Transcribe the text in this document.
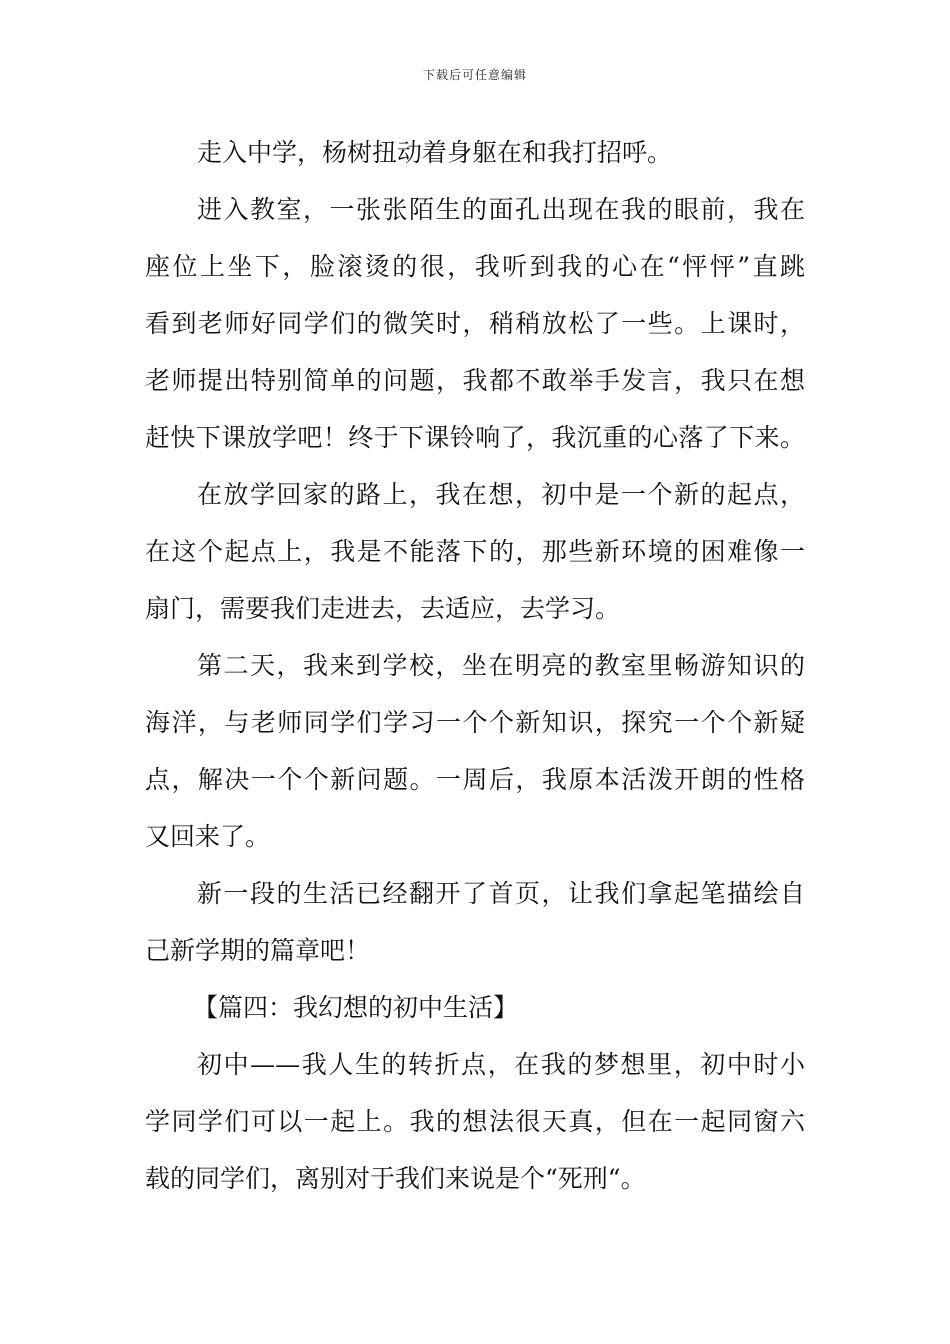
下载后可任意编辑
走入中学，杨树扭动着身躯在和我打招呼。
进入教室，一张张陌生的面孔出现在我的眼前，我在
座位上坐下，脸滚烫的很，我听到我的心在“怦怦”直跳
看到老师好同学们的微笑时，稍稍放松了一些。上课时，
老师提出特别简单的问题，我都不敢举手发言，我只在想
赶快下课放学吧！终于下课铃响了，我沉重的心落了下来。
在放学回家的路上，我在想，初中是一个新的起点，
在这个起点上，我是不能落下的，那些新环境的困难像一
扇门，需要我们走进去，去适应，去学习。
第二天，我来到学校，坐在明亮的教室里畅游知识的
海洋，与老师同学们学习一个个新知识，探究一个个新疑
点，解决一个个新问题。一周后，我原本活泼开朗的性格
又回来了。
新一段的生活已经翻开了首页，让我们拿起笔描绘自
己新学期的篇章吧！
【篇四：我幻想的初中生活】
初中——我人生的转折点，在我的梦想里，初中时小
学同学们可以一起上。我的想法很天真，但在一起同窗六
载的同学们，离别对于我们来说是个“死刑“。
